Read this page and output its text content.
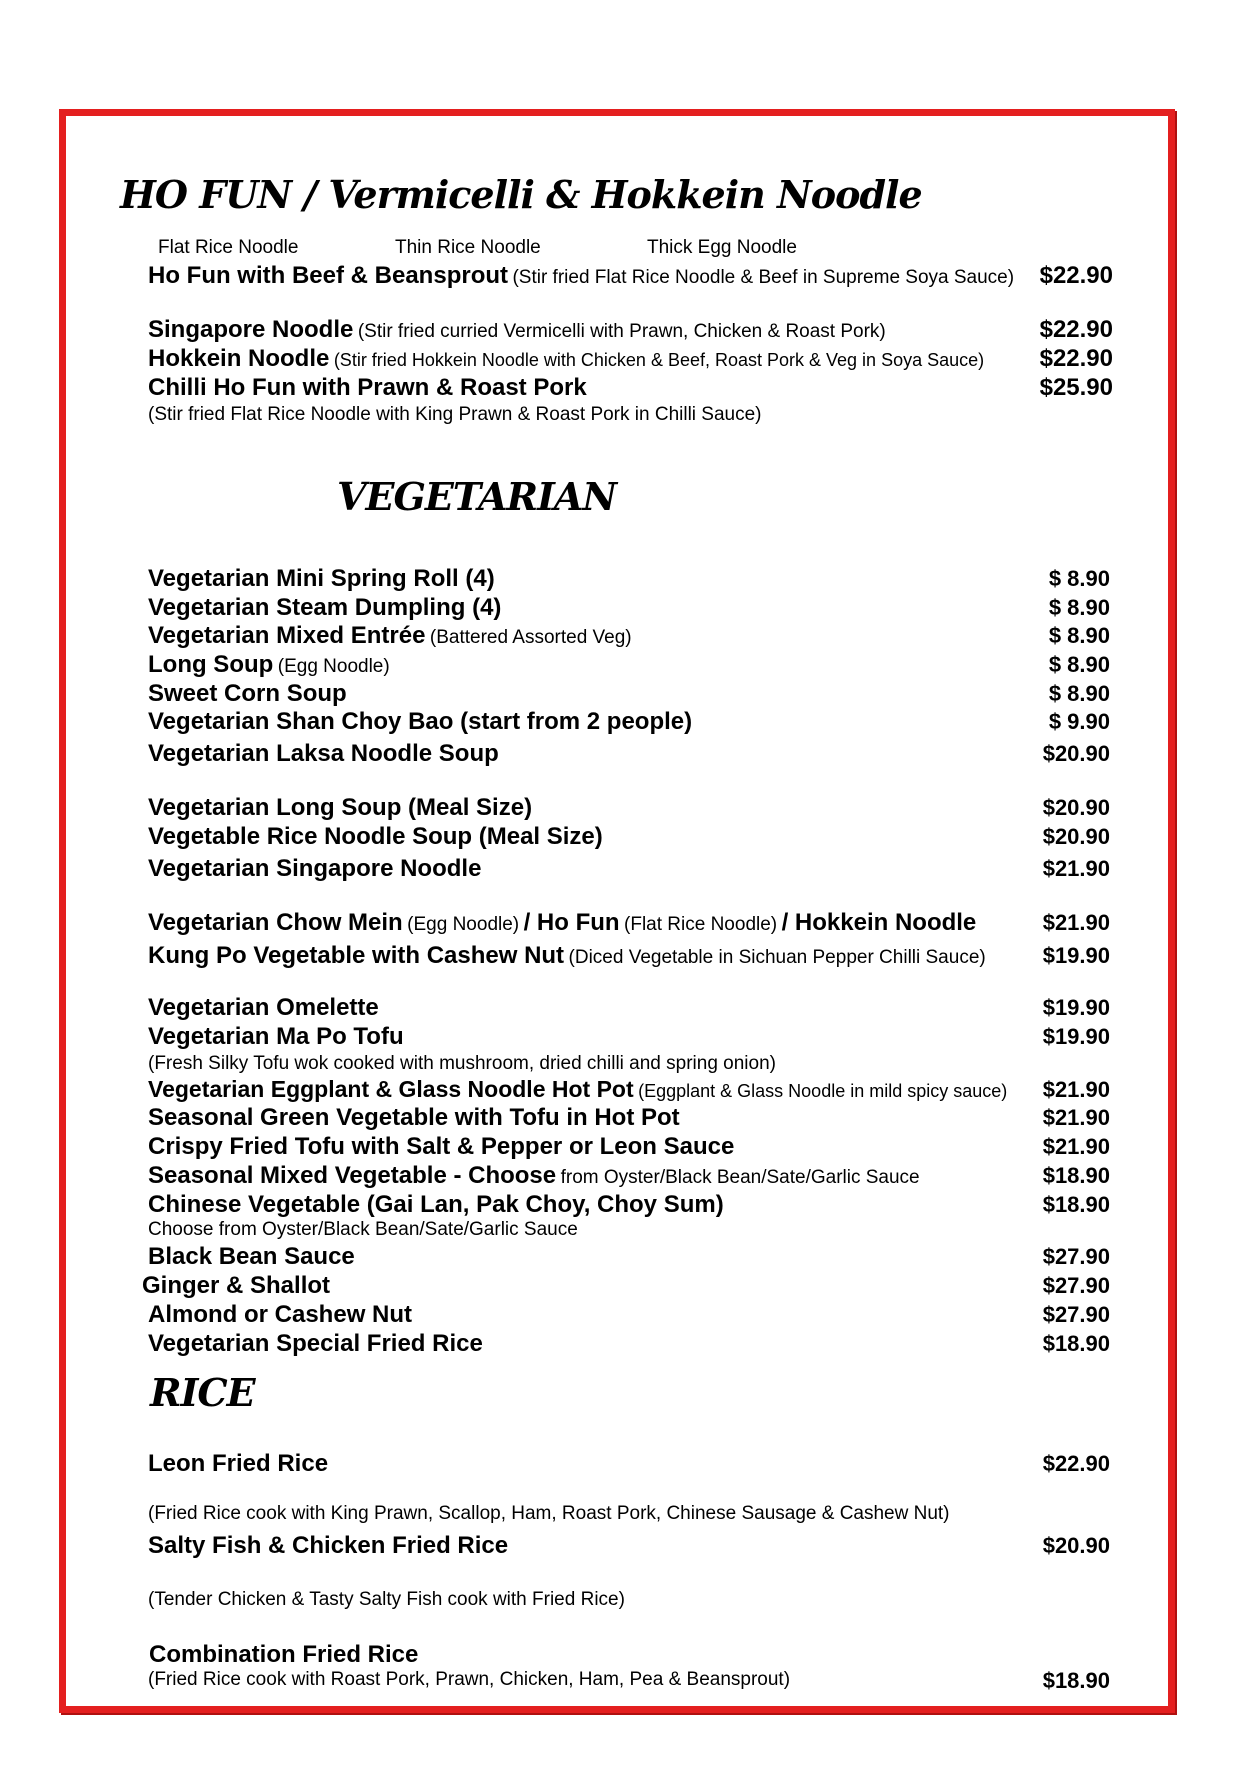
HO FUN / Vermicelli & Hokkein Noodle
Flat Rice Noodle	Thin Rice Noodle	Thick Egg Noodle
Ho Fun with Beef & Beansprout (Stir fried Flat Rice Noodle & Beef in Supreme Soya Sauce) $22.90
Singapore Noodle (Stir fried curried Vermicelli with Prawn, Chicken & Roast Pork)	$22.90
Hokkein Noodle (Stir fried Hokkein Noodle with Chicken & Beef, Roast Pork & Veg in Soya Sauce) $22.90
Chilli Ho Fun with Prawn & Roast Pork	$25.90
(Stir fried Flat Rice Noodle with King Prawn & Roast Pork in Chilli Sauce)
VEGETARIAN
Vegetarian Mini Spring Roll (4)	$ 8.90
Vegetarian Steam Dumpling (4)	$ 8.90
Vegetarian Mixed Entrée (Battered Assorted Veg)	$ 8.90
Long Soup (Egg Noodle)	$ 8.90
Sweet Corn Soup	$ 8.90
Vegetarian Shan Choy Bao (start from 2 people)	$ 9.90
Vegetarian Laksa Noodle Soup	$20.90
Vegetarian Long Soup (Meal Size)	$20.90
Vegetable Rice Noodle Soup (Meal Size)	$20.90
Vegetarian Singapore Noodle	$21.90
Vegetarian Chow Mein (Egg Noodle) / Ho Fun (Flat Rice Noodle) / Hokkein Noodle	$21.90
Kung Po Vegetable with Cashew Nut (Diced Vegetable in Sichuan Pepper Chilli Sauce)	$19.90
Vegetarian Omelette	$19.90
Vegetarian Ma Po Tofu	$19.90
(Fresh Silky Tofu wok cooked with mushroom, dried chilli and spring onion)
Vegetarian Eggplant & Glass Noodle Hot Pot (Eggplant & Glass Noodle in mild spicy sauce) $21.90
Seasonal Green Vegetable with Tofu in Hot Pot	$21.90
Crispy Fried Tofu with Salt & Pepper or Leon Sauce	$21.90
Seasonal Mixed Vegetable - Choose from Oyster/Black Bean/Sate/Garlic Sauce	$18.90
Chinese Vegetable (Gai Lan, Pak Choy, Choy Sum)	$18.90
Choose from Oyster/Black Bean/Sate/Garlic Sauce
Black Bean Sauce	$27.90
Ginger & Shallot	$27.90
Almond or Cashew Nut	$27.90
Vegetarian Special Fried Rice	$18.90
RICE
Leon Fried Rice	$22.90
(Fried Rice cook with King Prawn, Scallop, Ham, Roast Pork, Chinese Sausage & Cashew Nut)
Salty Fish & Chicken Fried Rice	$20.90
(Tender Chicken & Tasty Salty Fish cook with Fried Rice)
Combination Fried Rice
(Fried Rice cook with Roast Pork, Prawn, Chicken, Ham, Pea & Beansprout)	$18.90
